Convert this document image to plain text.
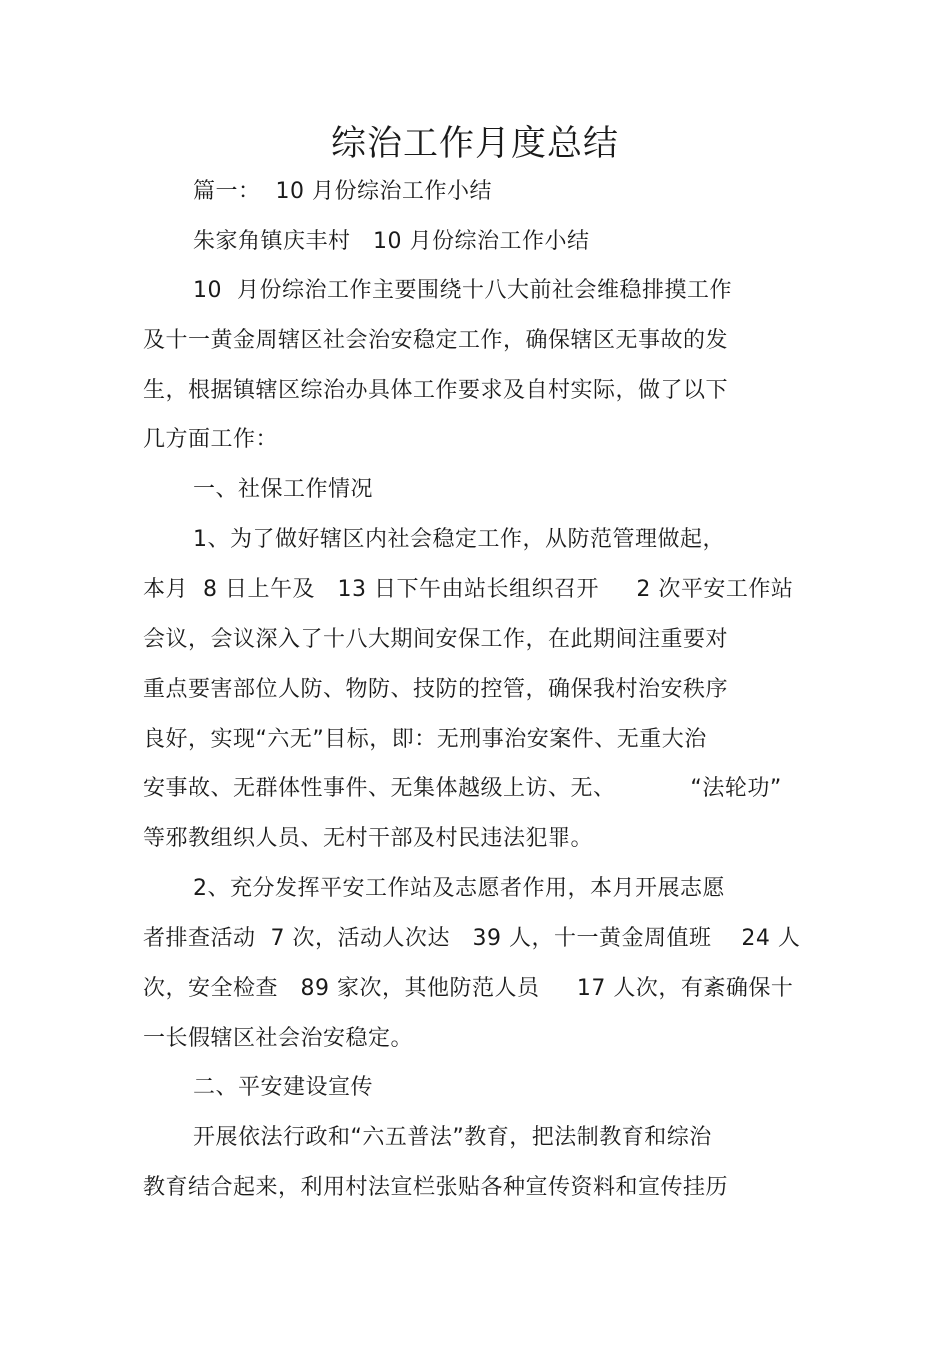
综治工作月度总结
篇一：  10 月份综治工作小结
朱家角镇庆丰村   10 月份综治工作小结
10  月份综治工作主要围绕十八大前社会维稳排摸工作
及十一黄金周辖区社会治安稳定工作，确保辖区无事故的发
生，根据镇辖区综治办具体工作要求及自村实际，做了以下
几方面工作：
一、社保工作情况
1、为了做好辖区内社会稳定工作，从防范管理做起，
本月  8 日上午及   13 日下午由站长组织召开     2 次平安工作站
会议，会议深入了十八大期间安保工作，在此期间注重要对
重点要害部位人防、物防、技防的控管，确保我村治安秩序
良好，实现“六无”目标，即：无刑事治安案件、无重大治
安事故、无群体性事件、无集体越级上访、无、          “法轮功”
等邪教组织人员、无村干部及村民违法犯罪。
2、充分发挥平安工作站及志愿者作用，本月开展志愿
者排查活动  7 次，活动人次达   39 人，十一黄金周值班    24 人
次，安全检查   89 家次，其他防范人员     17 人次，有紊确保十
一长假辖区社会治安稳定。
二、平安建设宣传
开展依法行政和“六五普法”教育，把法制教育和综治
教育结合起来，利用村法宣栏张贴各种宣传资料和宣传挂历
